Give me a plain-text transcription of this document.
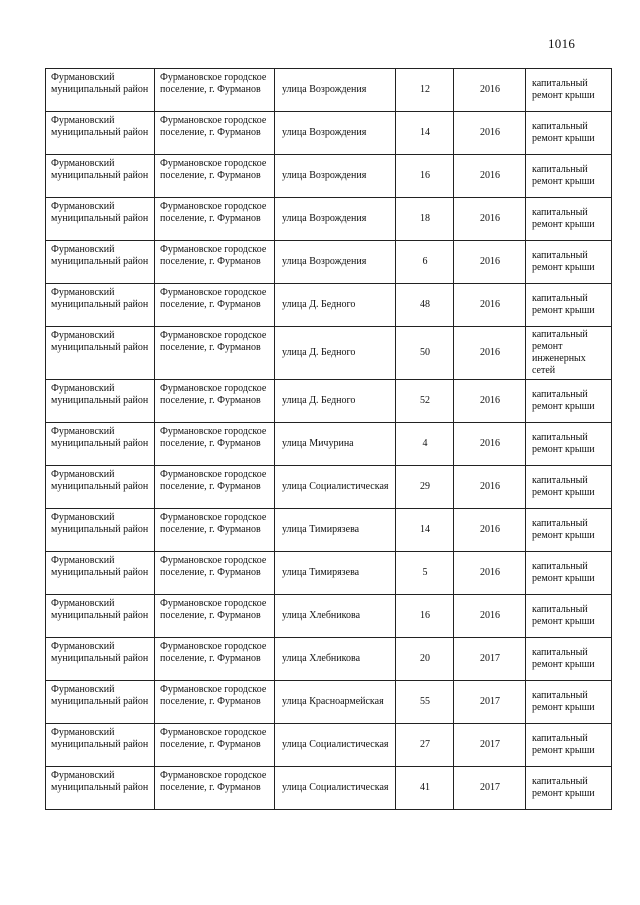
1016
Фурмановский муниципальный район	Фурмановское городское поселение, г. Фурманов	улица Возрождения	12	2016	капитальный ремонт крыши
Фурмановский муниципальный район	Фурмановское городское поселение, г. Фурманов	улица Возрождения	14	2016	капитальный ремонт крыши
Фурмановский муниципальный район	Фурмановское городское поселение, г. Фурманов	улица Возрождения	16	2016	капитальный ремонт крыши
Фурмановский муниципальный район	Фурмановское городское поселение, г. Фурманов	улица Возрождения	18	2016	капитальный ремонт крыши
Фурмановский муниципальный район	Фурмановское городское поселение, г. Фурманов	улица Возрождения	6	2016	капитальный ремонт крыши
Фурмановский муниципальный район	Фурмановское городское поселение, г. Фурманов	улица Д. Бедного	48	2016	капитальный ремонт крыши
Фурмановский муниципальный район	Фурмановское городское поселение, г. Фурманов	улица Д. Бедного	50	2016	капитальный ремонт инженерных сетей
Фурмановский муниципальный район	Фурмановское городское поселение, г. Фурманов	улица Д. Бедного	52	2016	капитальный ремонт крыши
Фурмановский муниципальный район	Фурмановское городское поселение, г. Фурманов	улица Мичурина	4	2016	капитальный ремонт крыши
Фурмановский муниципальный район	Фурмановское городское поселение, г. Фурманов	улица Социалистическая	29	2016	капитальный ремонт крыши
Фурмановский муниципальный район	Фурмановское городское поселение, г. Фурманов	улица Тимирязева	14	2016	капитальный ремонт крыши
Фурмановский муниципальный район	Фурмановское городское поселение, г. Фурманов	улица Тимирязева	5	2016	капитальный ремонт крыши
Фурмановский муниципальный район	Фурмановское городское поселение, г. Фурманов	улица Хлебникова	16	2016	капитальный ремонт крыши
Фурмановский муниципальный район	Фурмановское городское поселение, г. Фурманов	улица Хлебникова	20	2017	капитальный ремонт крыши
Фурмановский муниципальный район	Фурмановское городское поселение, г. Фурманов	улица Красноармейская	55	2017	капитальный ремонт крыши
Фурмановский муниципальный район	Фурмановское городское поселение, г. Фурманов	улица Социалистическая	27	2017	капитальный ремонт крыши
Фурмановский муниципальный район	Фурмановское городское поселение, г. Фурманов	улица Социалистическая	41	2017	капитальный ремонт крыши
